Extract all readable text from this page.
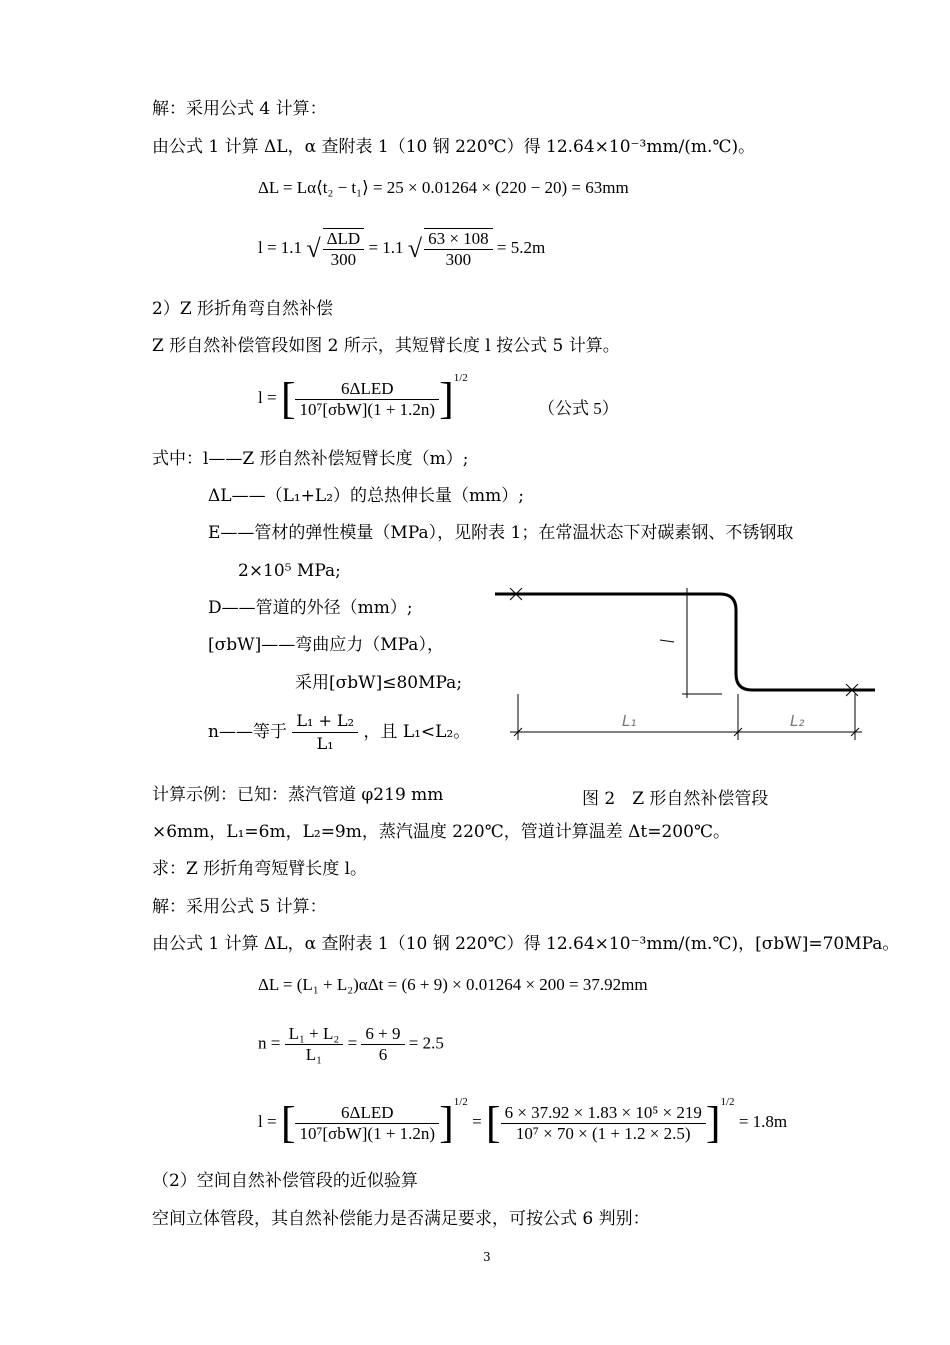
解：采用公式 4 计算：
由公式 1 计算 ΔL，α 查附表 1（10 钢 220℃）得 12.64×10⁻³mm/(m.℃)。
ΔL = Lα⟨t₂ − t₁⟩ = 25 × 0.01264 × (220 − 20) = 63mm
l = 1.1 √ $\frac{\text{ΔLD}}{300} = 1.1$ √ $\frac{63 \times 108}{300} = 5.2m$
2）Z 形折角弯自然补偿
Z 形自然补偿管段如图 2 所示，其短臂长度 l 按公式 5 计算。
l = [ $\frac{\text{6ΔLED}}{\text{10⁷[σbW](1 + 1.2n)}} ]^{1/2}$
（公式 5）
式中：l——Z 形自然补偿短臂长度（m）;
ΔL——（L₁+L₂）的总热伸长量（mm）;
E——管材的弹性模量（MPa），见附表 1；在常温状态下对碳素钢、不锈钢取
2×10⁵ MPa;
D——管道的外径（mm）;
[σbW]——弯曲应力（MPa），
采用[σbW]≤80MPa;
n——等于 $\frac{\text{L₁ + L₂}}{\text{L₁}}$ ，且 L₁<L₂。
L₁	L₂
计算示例：已知：蒸汽管道 φ219 mm	图 2　Z 形自然补偿管段
×6mm，L₁=6m，L₂=9m，蒸汽温度 220℃，管道计算温差 Δt=200℃。
求：Z 形折角弯短臂长度 l。
解：采用公式 5 计算：
由公式 1 计算 ΔL，α 查附表 1（10 钢 220℃）得 12.64×10⁻³mm/(m.℃)，[σbW]=70MPa。
ΔL = (L₁ + L₂)αΔt = (6 + 9) × 0.01264 × 200 = 37.92mm
$n = \frac{\text{L₁ + L₂}}{\text{L₁}} = \frac{6 + 9}{6} = 2.5$
l = [ $\frac{\text{6ΔLED}}{\text{10⁷[σbW](1 + 1.2n)}} ]^{1/2}$ = [ $\frac{\text{6 × 37.92 × 1.83 × 10⁵ × 219}}{\text{10⁷ × 70 × (1 + 1.2 × 2.5)}} ]^{1/2} = 1.8m$
（2）空间自然补偿管段的近似验算
空间立体管段，其自然补偿能力是否满足要求，可按公式 6 判别：
3
